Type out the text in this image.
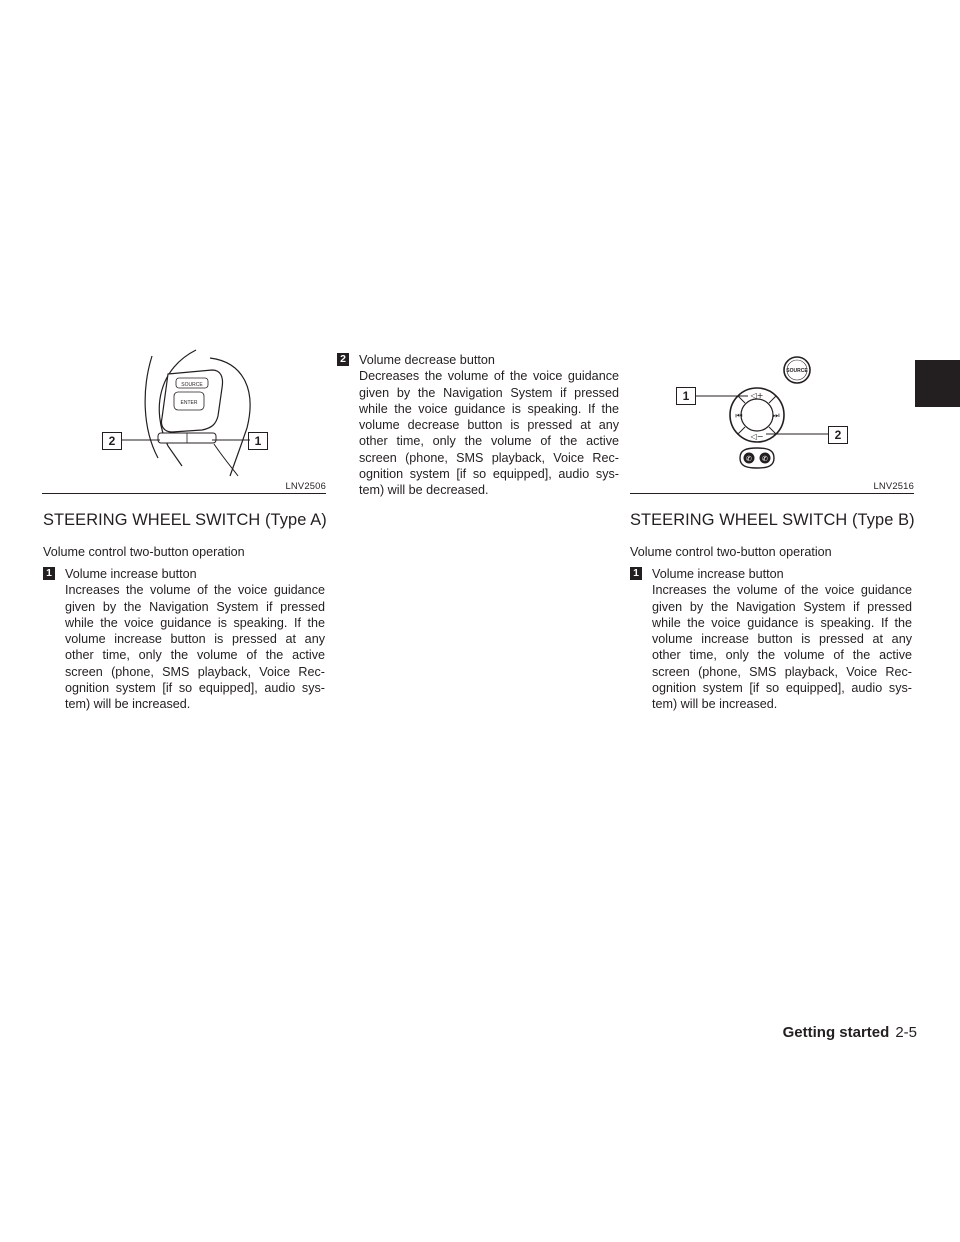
SOURCE
ENTER
2	1
LNV2506
SOURCE
◁+
◁−
⏮	⏭
✆ ✆
1
2
LNV2516
STEERING WHEEL SWITCH (Type A)
Volume control two-button operation
1 Volume increase button
Increases the volume of the voice guidance given by the Navigation System if pressed while the voice guidance is speaking. If the volume increase button is pressed at any other time, only the volume of the active screen (phone, SMS playback, Voice Recognition system [if so equipped], audio system) will be increased.
2 Volume decrease button
Decreases the volume of the voice guidance given by the Navigation System if pressed while the voice guidance is speaking. If the volume decrease button is pressed at any other time, only the volume of the active screen (phone, SMS playback, Voice Recognition system [if so equipped], audio system) will be decreased.
STEERING WHEEL SWITCH (Type B)
Volume control two-button operation
1 Volume increase button
Increases the volume of the voice guidance given by the Navigation System if pressed while the voice guidance is speaking. If the volume increase button is pressed at any other time, only the volume of the active screen (phone, SMS playback, Voice Recognition system [if so equipped], audio system) will be increased.
Getting started 2-5
